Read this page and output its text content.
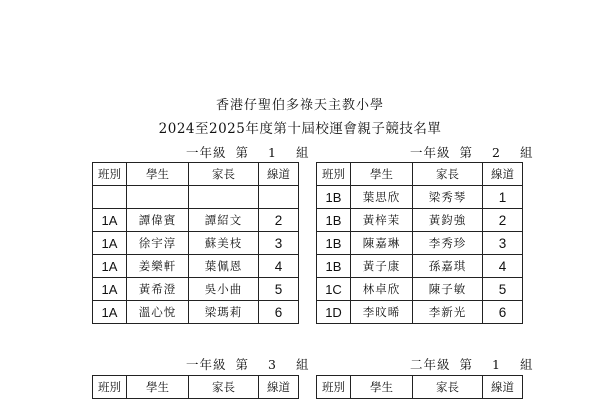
香港仔聖伯多祿天主教小學
2024至2025年度第十屆校運會親子競技名單
一年級 第 1 組
班別	學生	家長	線道

1A	譚偉賓	譚紹文	2
1A	徐宇淳	蘇美枝	3
1A	姜樂軒	葉佩恩	4
1A	黃希澄	吳小曲	5
1A	溫心悅	梁瑪莉	6
一年級 第 2 組
班別	學生	家長	線道
1B	葉思欣	梁秀琴	1
1B	黃梓茉	黃鈞強	2
1B	陳嘉琳	李秀珍	3
1B	黃子康	孫嘉琪	4
1C	林卓欣	陳子敏	5
1D	李旼晞	李新光	6
一年級 第 3 組
班別	學生	家長	線道
二年級 第 1 組
班別	學生	家長	線道
